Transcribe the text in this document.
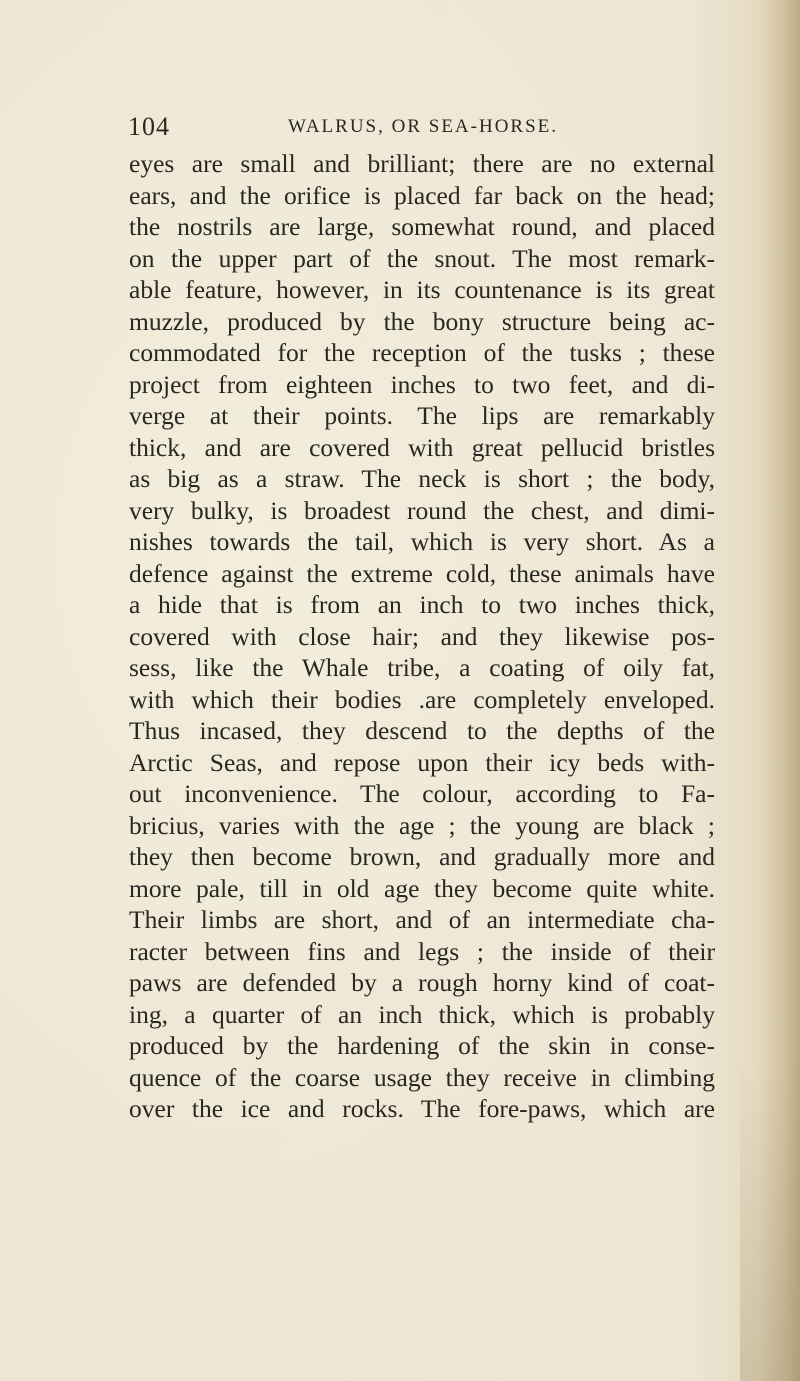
104	WALRUS, OR SEA-HORSE.
eyes are small and brilliant; there are no external
ears, and the orifice is placed far back on the head;
the nostrils are large, somewhat round, and placed
on the upper part of the snout. The most remark-
able feature, however, in its countenance is its great
muzzle, produced by the bony structure being ac-
commodated for the reception of the tusks ; these
project from eighteen inches to two feet, and di-
verge at their points. The lips are remarkably
thick, and are covered with great pellucid bristles
as big as a straw. The neck is short ; the body,
very bulky, is broadest round the chest, and dimi-
nishes towards the tail, which is very short. As a
defence against the extreme cold, these animals have
a hide that is from an inch to two inches thick,
covered with close hair; and they likewise pos-
sess, like the Whale tribe, a coating of oily fat,
with which their bodies .are completely enveloped.
Thus incased, they descend to the depths of the
Arctic Seas, and repose upon their icy beds with-
out inconvenience. The colour, according to Fa-
bricius, varies with the age ; the young are black ;
they then become brown, and gradually more and
more pale, till in old age they become quite white.
Their limbs are short, and of an intermediate cha-
racter between fins and legs ; the inside of their
paws are defended by a rough horny kind of coat-
ing, a quarter of an inch thick, which is probably
produced by the hardening of the skin in conse-
quence of the coarse usage they receive in climbing
over the ice and rocks. The fore-paws, which are
